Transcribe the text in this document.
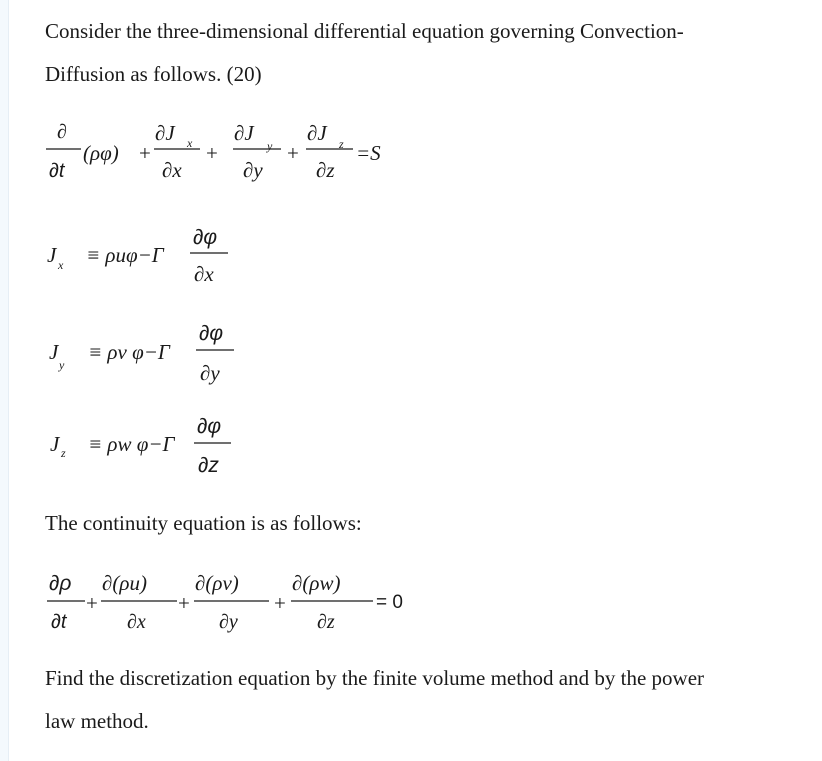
Consider the three-dimensional differential equation governing Convection-

Diffusion as follows. (20)

∂
∂t
(ρφ) +
∂J x
∂x
+
∂J
y
∂y
+
∂J z
∂z
=S
J x ≡ ρuφ−Γ
∂φ
∂x
J
y
≡ ρv φ−Γ
∂φ
∂y
J z ≡ ρw φ−Γ
∂φ
∂z
∂ρ
∂t
+
∂(ρu)
∂x
+
∂(ρv)
∂y
+
∂(ρw)
∂z
= 0

The continuity equation is as follows:

Find the discretization equation by the finite volume method and by the power

law method.
